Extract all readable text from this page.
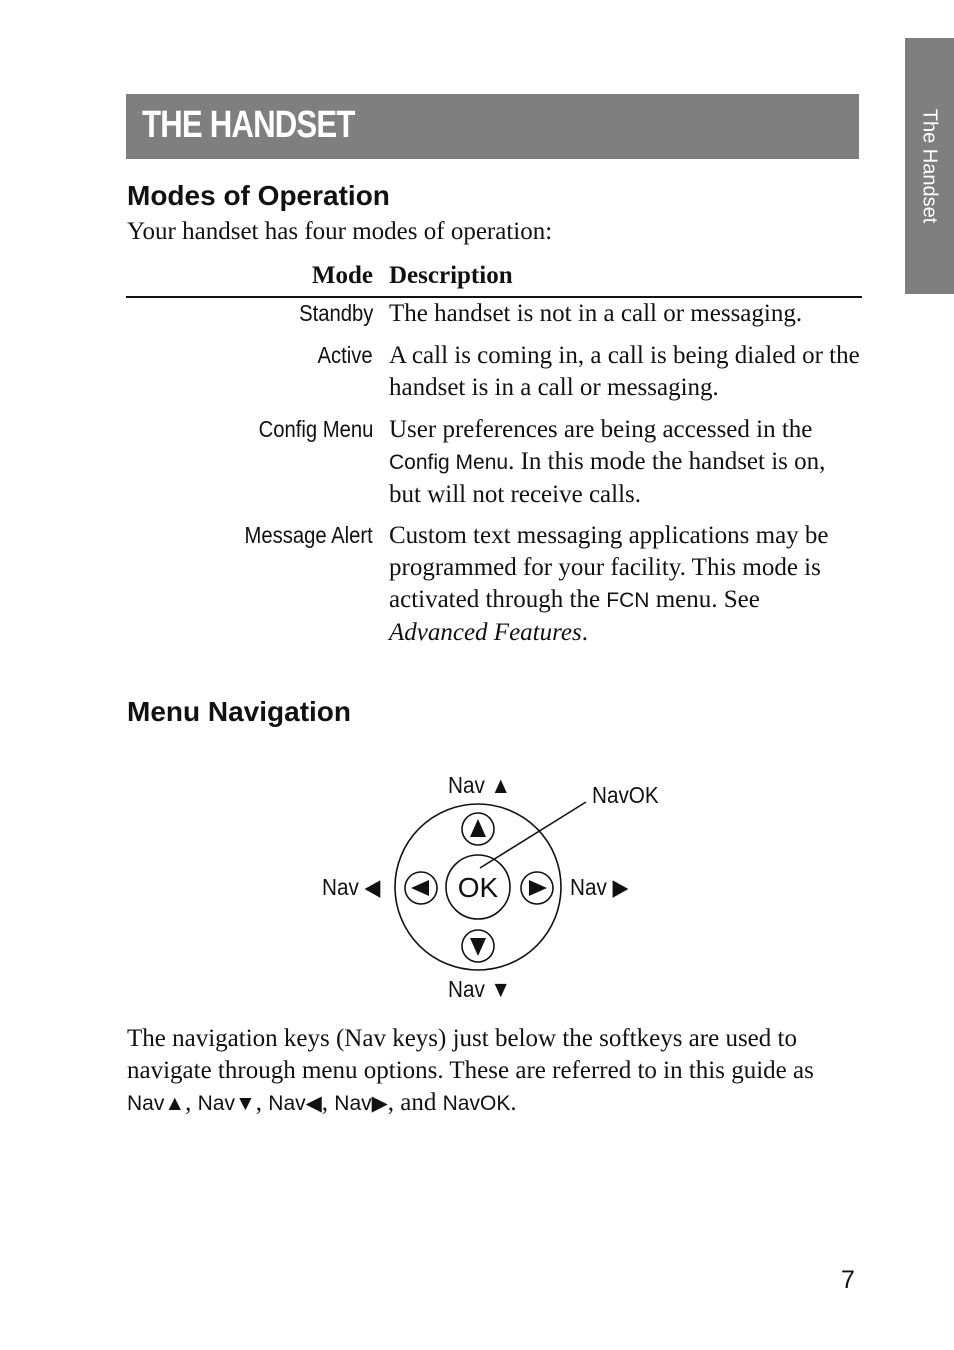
The Handset
THE HANDSET
Modes of Operation
Your handset has four modes of operation:
Mode Description
Standby The handset is not in a call or messaging.
Active A call is coming in, a call is being dialed or the handset is in a call or messaging.
Config Menu User preferences are being accessed in the Config Menu. In this mode the handset is on, but will not receive calls.
Message Alert Custom text messaging applications may be programmed for your facility. This mode is activated through the FCN menu. See Advanced Features.
Menu Navigation
OK
Nav ▲	NavOK
Nav ◀	Nav ▶
Nav ▼
The navigation keys (Nav keys) just below the softkeys are used to navigate through menu options. These are referred to in this guide as Nav▲, Nav▼, Nav◀, Nav▶, and NavOK.
7
